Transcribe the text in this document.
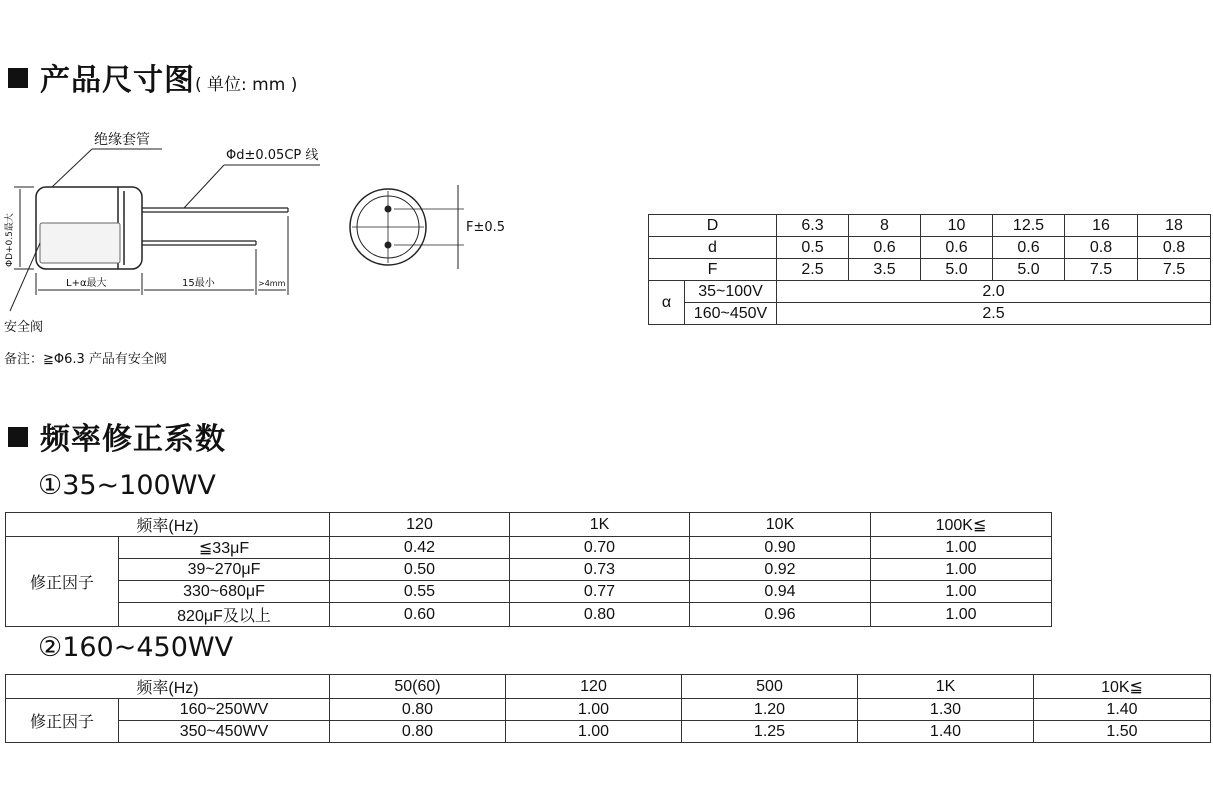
产品尺寸图( 单位: mm )
ΦD+0.5最大
L+α最大	15最小	>4mm
绝缘套管
Φd±0.05CP 线
安全阀
F±0.5
备注：≧Φ6.3 产品有安全阀
D		6.3	8	10	12.5	16	18
d		0.5	0.6	0.6	0.6	0.8	0.8
F		2.5	3.5	5.0	5.0	7.5	7.5
α	35~100V	2.0					
	160~450V	2.5					
频率修正系数
①35~100WV
频率(Hz)		120	1K	10K	100K≦
修正因子	≦33μF	0.42	0.70	0.90	1.00
	39~270μF	0.50	0.73	0.92	1.00
	330~680μF	0.55	0.77	0.94	1.00
	820μF及以上	0.60	0.80	0.96	1.00
②160~450WV
频率(Hz)		50(60)	120	500	1K	10K≦
修正因子	160~250WV	0.80	1.00	1.20	1.30	1.40
	350~450WV	0.80	1.00	1.25	1.40	1.50
